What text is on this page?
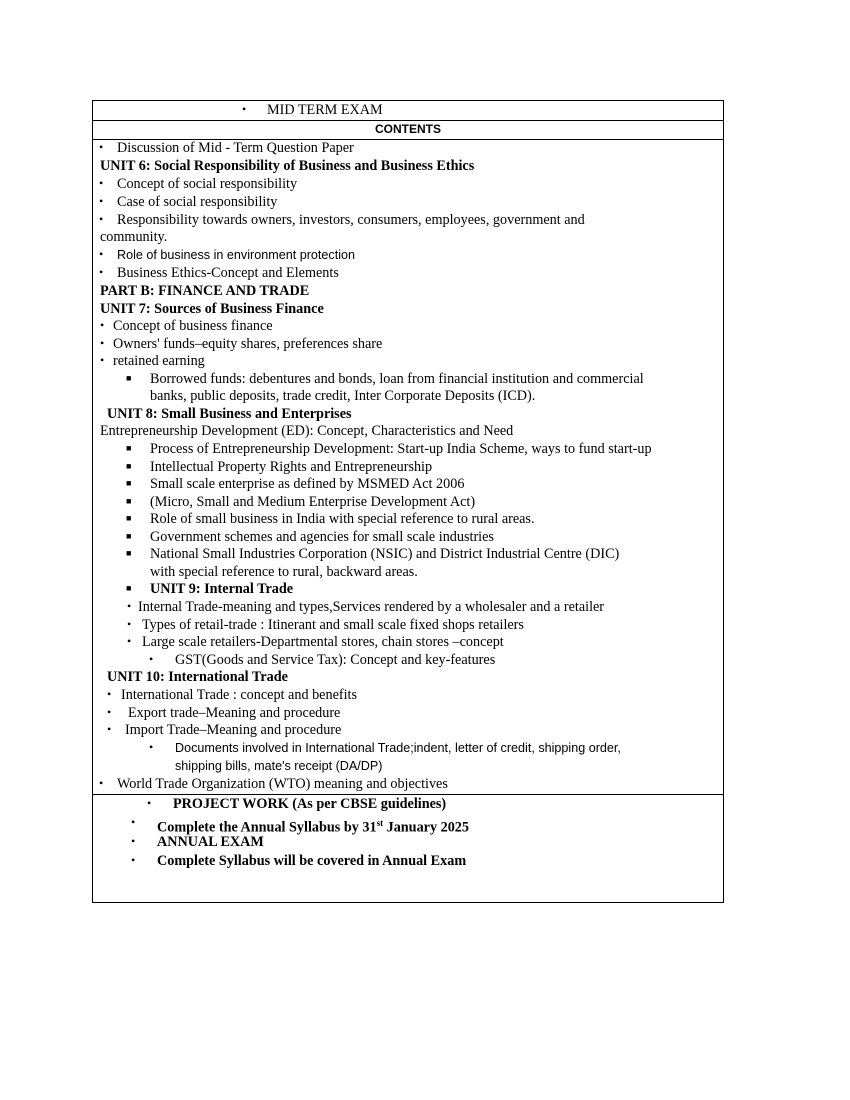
• MID TERM EXAM
CONTENTS
• Discussion of Mid - Term Question Paper
UNIT 6: Social Responsibility of Business and Business Ethics
• Concept of social responsibility
• Case of social responsibility
• Responsibility towards owners, investors, consumers, employees, government and
community.
• Role of business in environment protection
• Business Ethics-Concept and Elements
PART B: FINANCE AND TRADE
UNIT 7: Sources of Business Finance
• Concept of business finance
• Owners' funds–equity shares, preferences share
• retained earning
■ Borrowed funds: debentures and bonds, loan from financial institution and commercial
banks, public deposits, trade credit, Inter Corporate Deposits (ICD).
UNIT 8: Small Business and Enterprises
Entrepreneurship Development (ED): Concept, Characteristics and Need
■ Process of Entrepreneurship Development: Start-up India Scheme, ways to fund start-up
■ Intellectual Property Rights and Entrepreneurship
■ Small scale enterprise as defined by MSMED Act 2006
■ (Micro, Small and Medium Enterprise Development Act)
■ Role of small business in India with special reference to rural areas.
■ Government schemes and agencies for small scale industries
■ National Small Industries Corporation (NSIC) and District Industrial Centre (DIC)
with special reference to rural, backward areas.
■ UNIT 9: Internal Trade
• Internal Trade-meaning and types,Services rendered by a wholesaler and a retailer
• Types of retail-trade : Itinerant and small scale fixed shops retailers
• Large scale retailers-Departmental stores, chain stores –concept
• GST(Goods and Service Tax): Concept and key-features
UNIT 10: International Trade
• International Trade : concept and benefits
• Export trade–Meaning and procedure
• Import Trade–Meaning and procedure
• Documents involved in International Trade;indent, letter of credit, shipping order,
shipping bills, mate's receipt (DA/DP)
• World Trade Organization (WTO) meaning and objectives
• PROJECT WORK (As per CBSE guidelines)
• Complete the Annual Syllabus by 31st January 2025
• ANNUAL EXAM
• Complete Syllabus will be covered in Annual Exam
